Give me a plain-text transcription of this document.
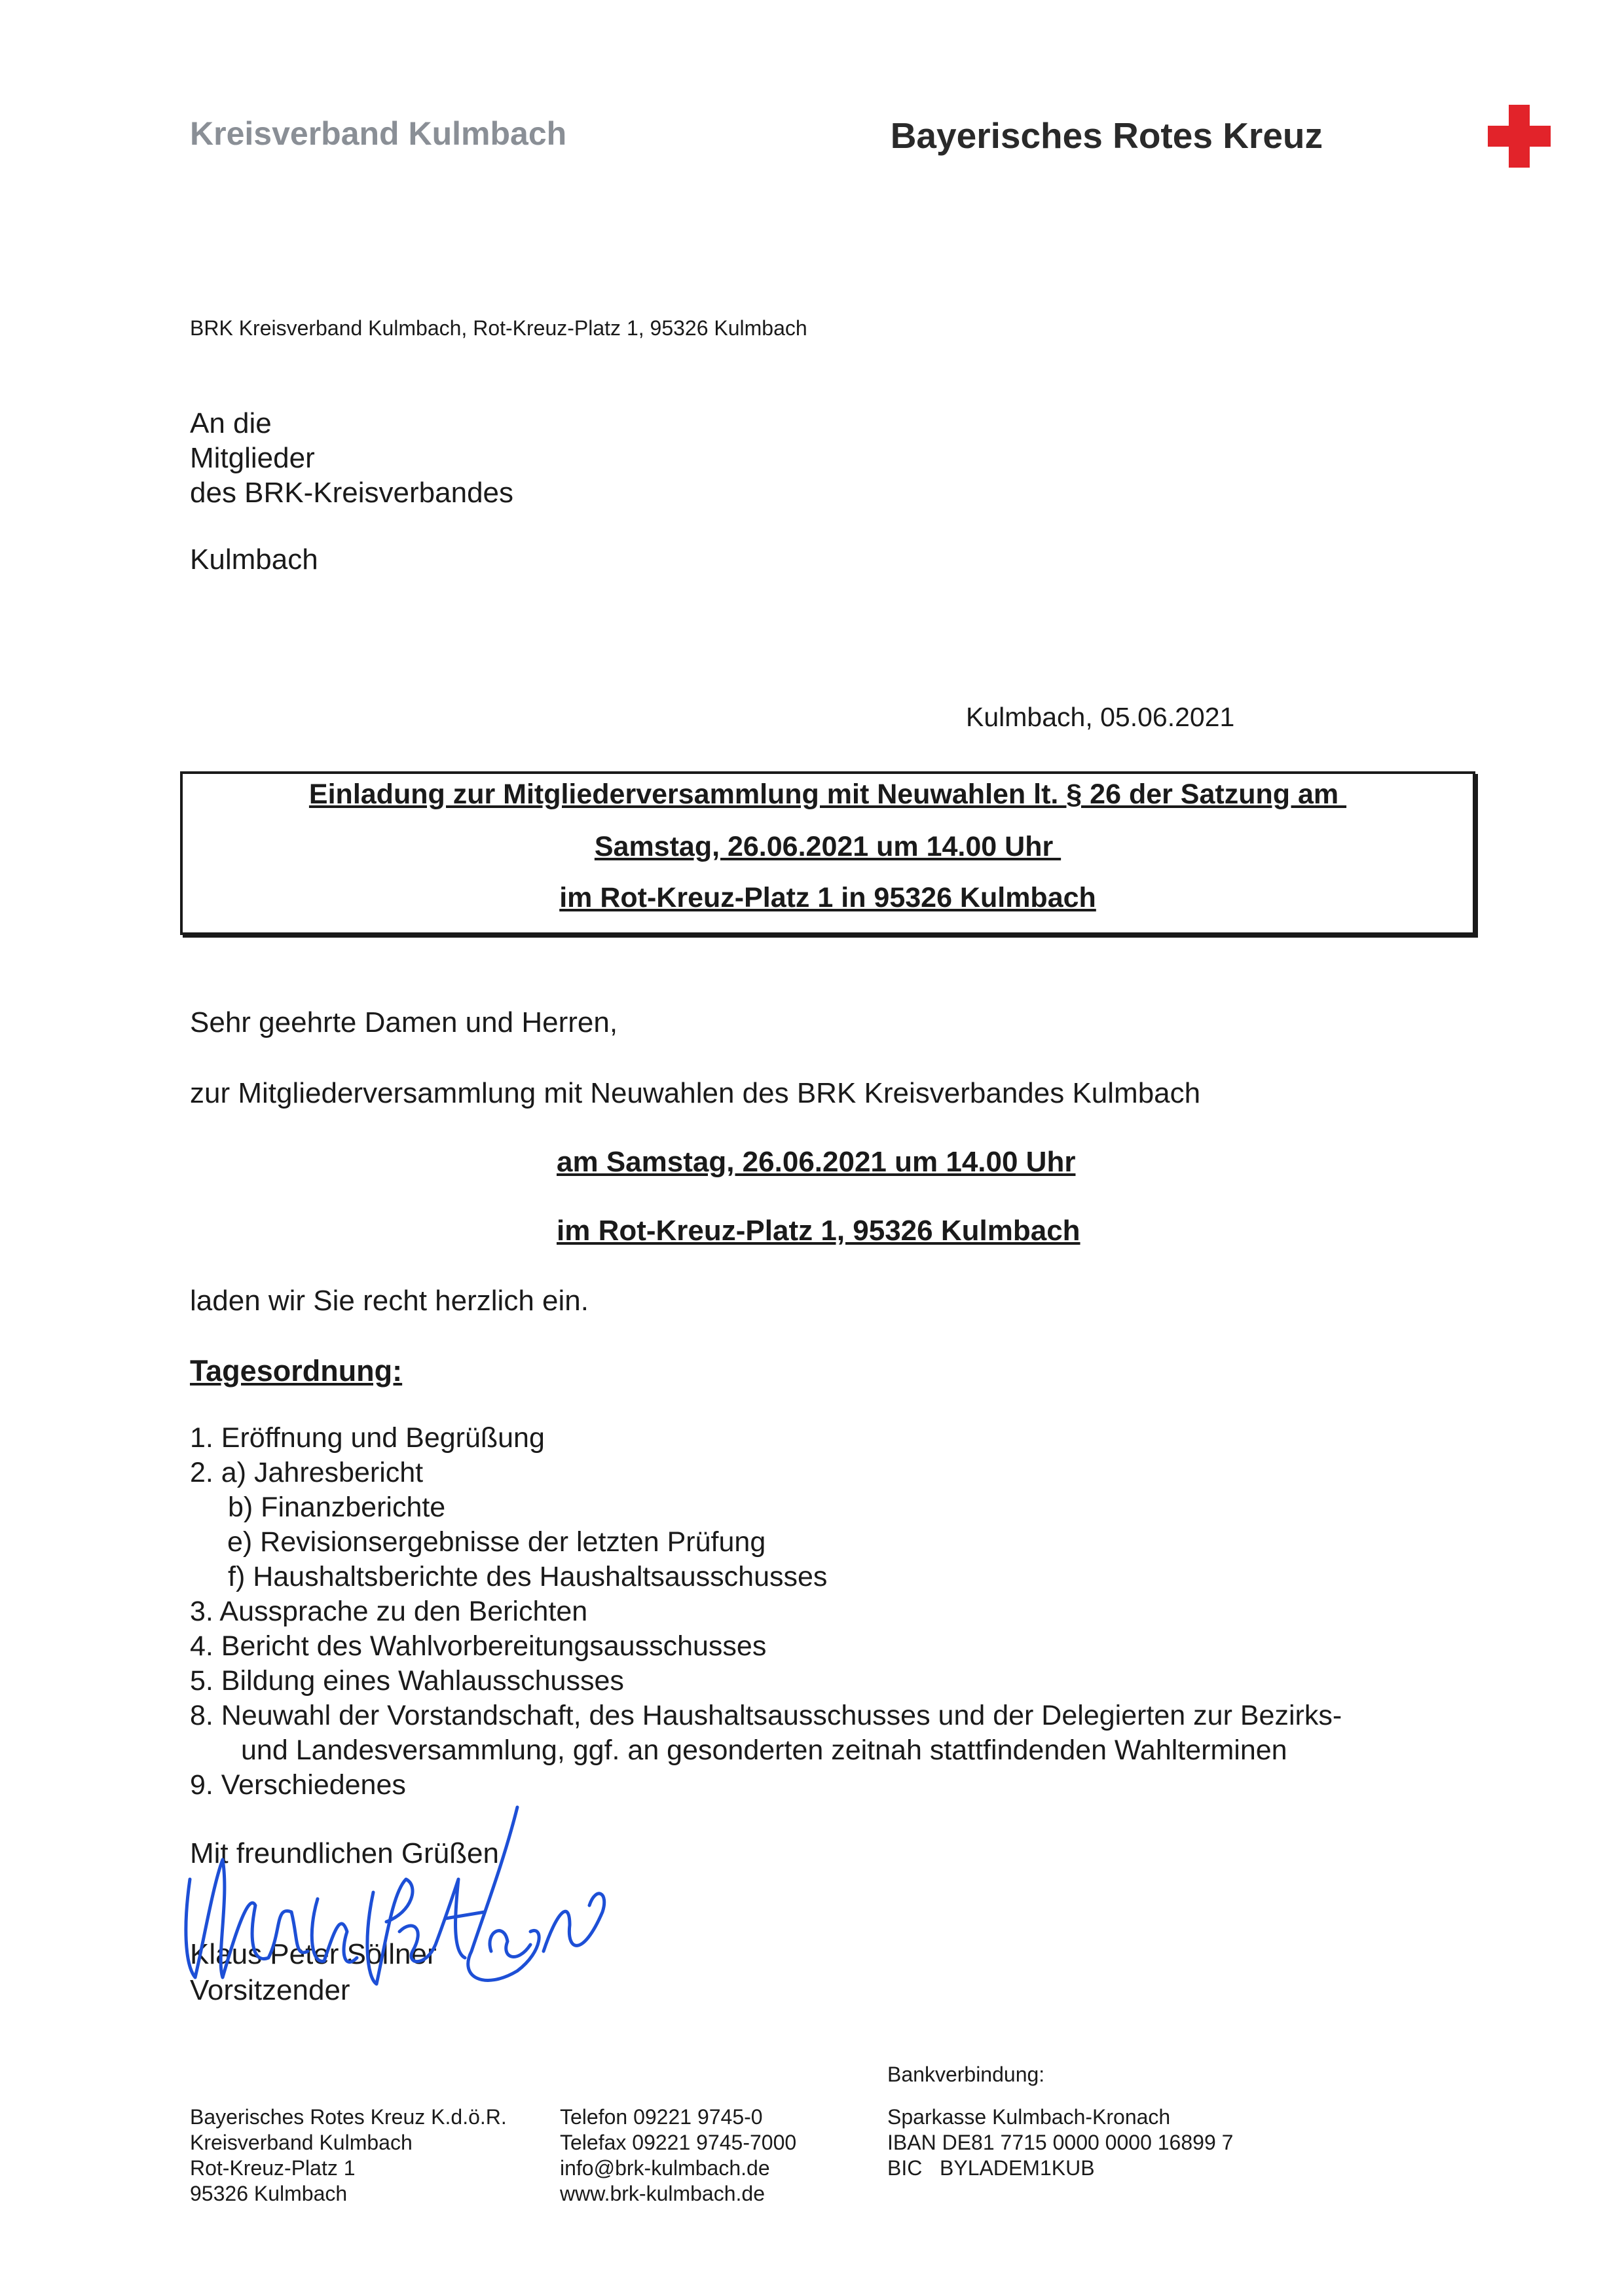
Kreisverband Kulmbach	Bayerisches Rotes Kreuz
BRK Kreisverband Kulmbach, Rot-Kreuz-Platz 1, 95326 Kulmbach
An die
Mitglieder
des BRK-Kreisverbandes
Kulmbach
Kulmbach, 05.06.2021
Einladung zur Mitgliederversammlung mit Neuwahlen lt. § 26 der Satzung am
Samstag, 26.06.2021 um 14.00 Uhr
im Rot-Kreuz-Platz 1 in 95326 Kulmbach
Sehr geehrte Damen und Herren,
zur Mitgliederversammlung mit Neuwahlen des BRK Kreisverbandes Kulmbach
am Samstag, 26.06.2021 um 14.00 Uhr
im Rot-Kreuz-Platz 1, 95326 Kulmbach
laden wir Sie recht herzlich ein.
Tagesordnung:
1. Eröffnung und Begrüßung
2. a) Jahresbericht
b) Finanzberichte
e) Revisionsergebnisse der letzten Prüfung
f) Haushaltsberichte des Haushaltsausschusses
3. Aussprache zu den Berichten
4. Bericht des Wahlvorbereitungsausschusses
5. Bildung eines Wahlausschusses
8. Neuwahl der Vorstandschaft, des Haushaltsausschusses und der Delegierten zur Bezirks-
und Landesversammlung, ggf. an gesonderten zeitnah stattfindenden Wahlterminen
9. Verschiedenes
Mit freundlichen Grüßen
Klaus Peter Söllner
Vorsitzender
Bankverbindung:
Bayerisches Rotes Kreuz K.d.ö.R.
Kreisverband Kulmbach
Rot-Kreuz-Platz 1
95326 Kulmbach
Telefon 09221 9745-0
Telefax 09221 9745-7000
info@brk-kulmbach.de
www.brk-kulmbach.de
Sparkasse Kulmbach-Kronach
IBAN DE81 7715 0000 0000 16899 7
BIC   BYLADEM1KUB
